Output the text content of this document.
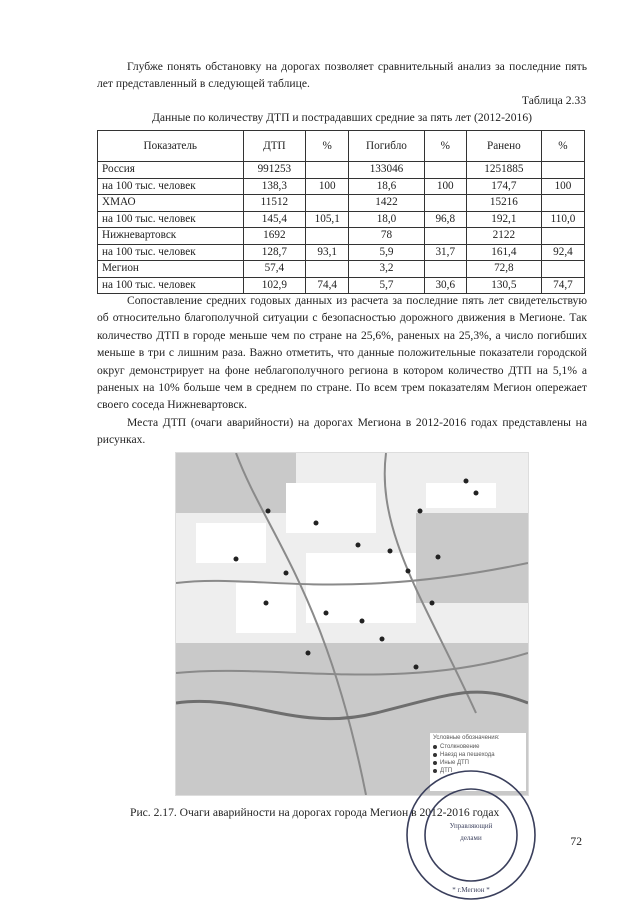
Глубже понять обстановку на дорогах позволяет сравнительный анализ за последние пять лет представленный в следующей таблице.

Таблица 2.33
Данные по количеству ДТП и пострадавших средние за пять лет (2012-2016)
Показатель	ДТП	%	Погибло	%	Ранено	%
Россия	991253		133046		1251885	
на 100 тыс. человек	138,3	100	18,6	100	174,7	100
ХМАО	11512		1422		15216	
на 100 тыс. человек	145,4	105,1	18,0	96,8	192,1	110,0
Нижневартовск	1692		78		2122	
на 100 тыс. человек	128,7	93,1	5,9	31,7	161,4	92,4
Мегион	57,4		3,2		72,8	
на 100 тыс. человек	102,9	74,4	5,7	30,6	130,5	74,7

Сопоставление средних годовых данных из расчета за последние пять лет свидетельствую об относительно благополучной ситуации с безопасностью дорожного движения в Мегионе. Так количество ДТП в городе меньше чем по стране на 25,6%, раненых на 25,3%, а число погибших меньше в три с лишним раза. Важно отметить, что данные положительные показатели городской округ демонстрирует на фоне неблагополучного региона в котором количество ДТП на 5,1% а раненых на 10% больше чем в среднем по стране. По всем трем показателям Мегион опережает своего соседа Нижневартовск.

Места ДТП (очаги аварийности) на дорогах Мегиона в 2012-2016 годах представлены на рисунках.

Условные обозначения:
Столкновение
Наезд на пешехода
Иные ДТП
ДТП
Рис. 2.17. Очаги аварийности на дорогах города Мегион в 2012-2016 годах
72
Управляющий
делами
* г.Мегион *
